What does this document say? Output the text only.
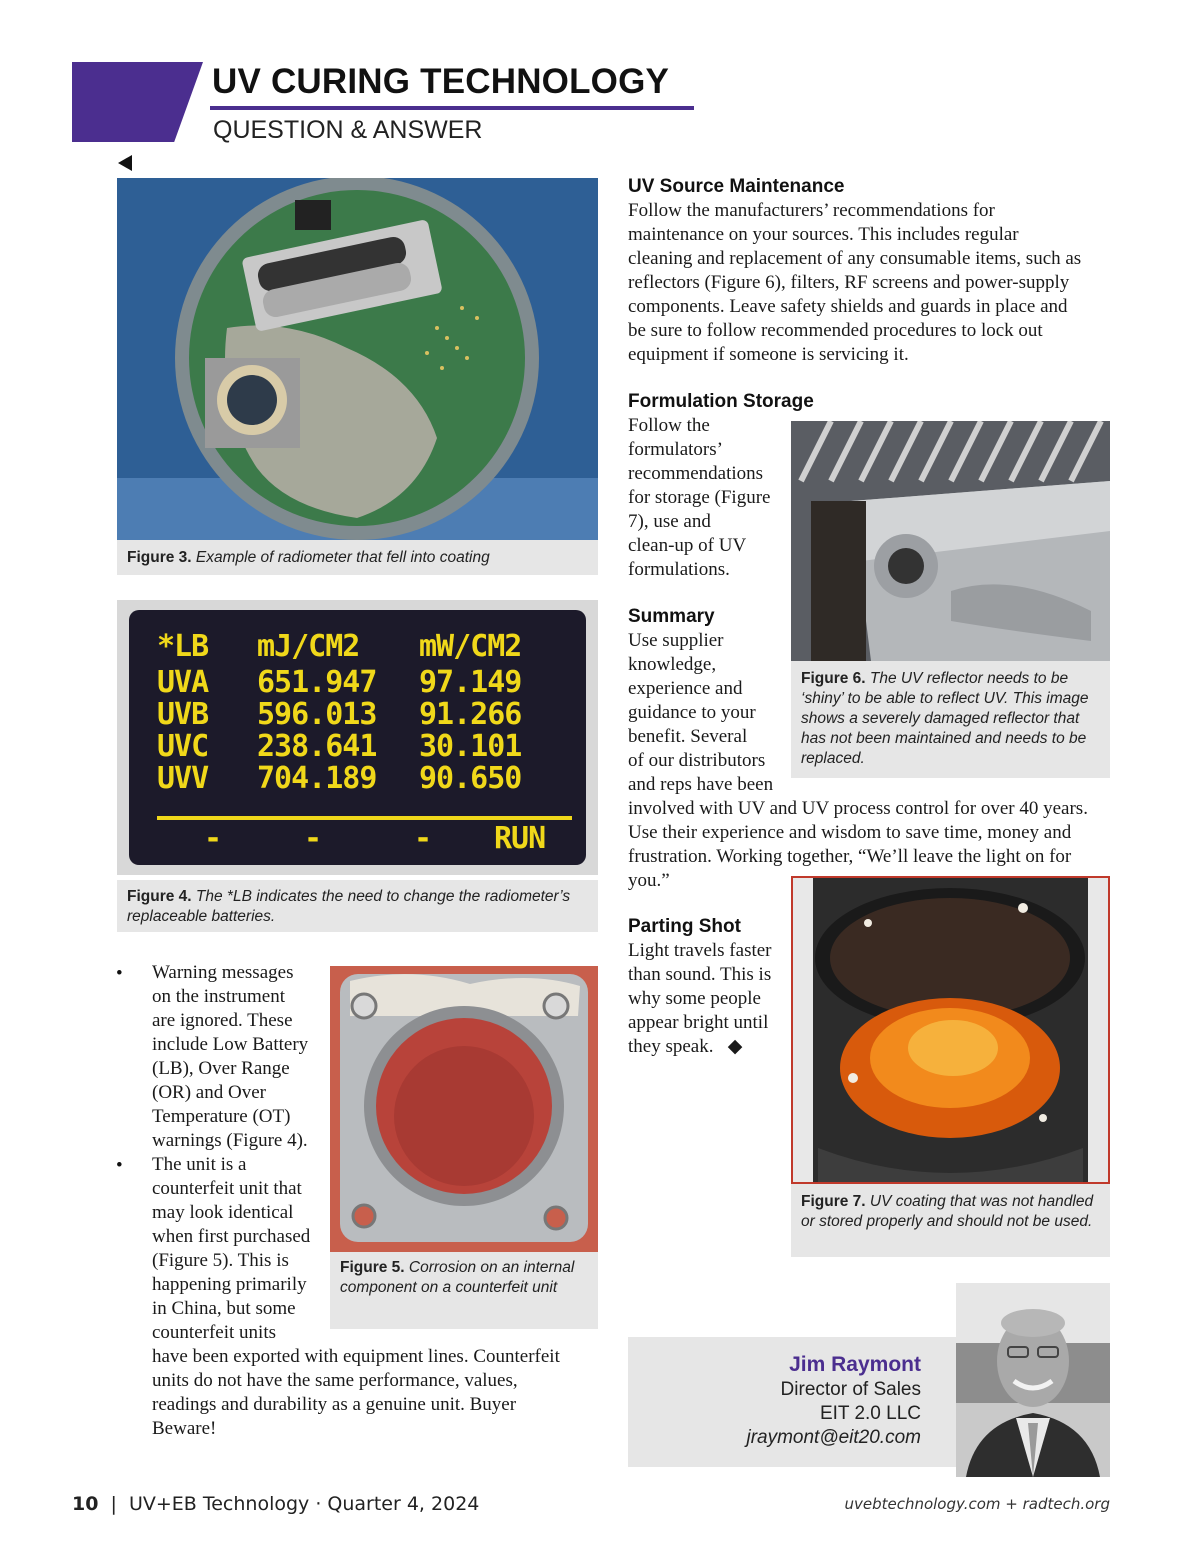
UV CURING TECHNOLOGY
QUESTION & ANSWER
Figure 3. Example of radiometer that fell into coating
*LB mJ/CM2 mW/CM2
UVA 651.947 97.149
UVB 596.013 91.266
UVC 238.641 30.101
UVV 704.189 90.650
-	-	- RUN
Figure 4. The *LB indicates the need to change the radiometer’s replaceable batteries.
• Warning messages
on the instrument
are ignored. These
include Low Battery
(LB), Over Range
(OR) and Over
Temperature (OT)
warnings (Figure 4).
• The unit is a
counterfeit unit that
may look identical
when first purchased
(Figure 5). This is
happening primarily
in China, but some
counterfeit units
have been exported with equipment lines. Counterfeit
units do not have the same performance, values,
readings and durability as a genuine unit. Buyer
Beware!
Figure 5. Corrosion on an internal component on a counterfeit unit
UV Source Maintenance
Follow the manufacturers’ recommendations for
maintenance on your sources. This includes regular
cleaning and replacement of any consumable items, such as
reflectors (Figure 6), filters, RF screens and power-supply
components. Leave safety shields and guards in place and
be sure to follow recommended procedures to lock out
equipment if someone is servicing it.
Formulation Storage
Follow the
formulators’
recommendations
for storage (Figure
7), use and
clean-up of UV
formulations.
Figure 6. The UV reflector needs to be ‘shiny’ to be able to reflect UV. This image shows a severely damaged reflector that has not been maintained and needs to be replaced.
Summary
Use supplier
knowledge,
experience and
guidance to your
benefit. Several
of our distributors
and reps have been
involved with UV and UV process control for over 40 years.
Use their experience and wisdom to save time, money and
frustration. Working together, “We’ll leave the light on for
you.”
Parting Shot
Light travels faster
than sound. This is
why some people
appear bright until
they speak. ◆
Figure 7. UV coating that was not handled or stored properly and should not be used.
Jim Raymont
Director of Sales
EIT 2.0 LLC
jraymont@eit20.com
10 | UV+EB Technology · Quarter 4, 2024	uvebtechnology.com + radtech.org
